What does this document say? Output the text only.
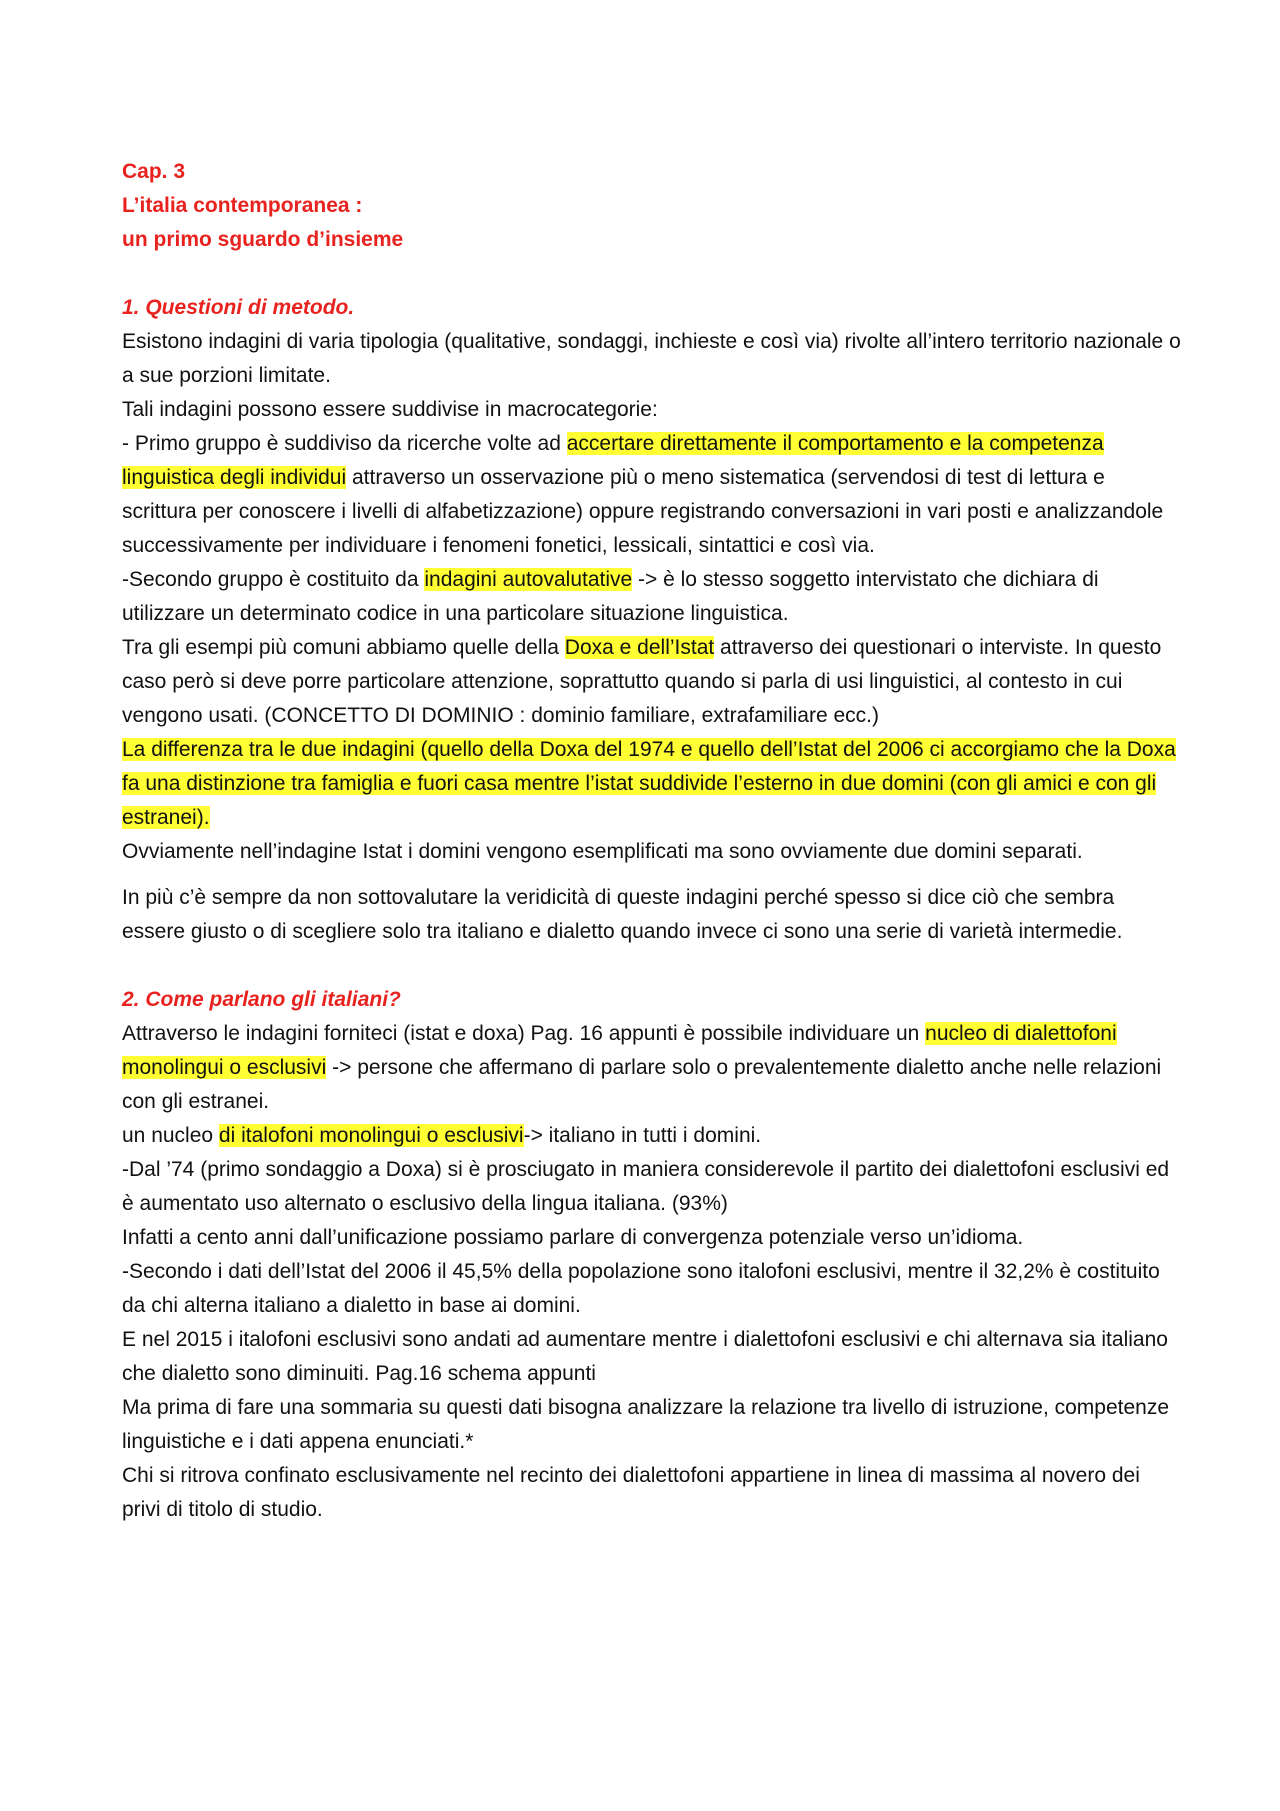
Cap. 3

L’italia contemporanea :

un primo sguardo d’insieme

1. Questioni di metodo.

Esistono indagini di varia tipologia (qualitative, sondaggi, inchieste e così via) rivolte all’intero territorio nazionale o a sue porzioni limitate.

Tali indagini possono essere suddivise in macrocategorie:

- Primo gruppo è suddiviso da ricerche volte ad accertare direttamente il comportamento e la competenza linguistica degli individui attraverso un osservazione più o meno sistematica (servendosi di test di lettura e scrittura per conoscere i livelli di alfabetizzazione) oppure registrando conversazioni in vari posti e analizzandole successivamente per individuare i fenomeni fonetici, lessicali, sintattici e così via.

-Secondo gruppo è costituito da indagini autovalutative -> è lo stesso soggetto intervistato che dichiara di utilizzare un determinato codice in una particolare situazione linguistica.

Tra gli esempi più comuni abbiamo quelle della Doxa e dell’Istat attraverso dei questionari o interviste. In questo caso però si deve porre particolare attenzione, soprattutto quando si parla di usi linguistici, al contesto in cui vengono usati. (CONCETTO DI DOMINIO : dominio familiare, extrafamiliare ecc.)

La differenza tra le due indagini (quello della Doxa del 1974 e quello dell’Istat del 2006 ci accorgiamo che la Doxa fa una distinzione tra famiglia e fuori casa mentre l’istat suddivide l’esterno in due domini (con gli amici e con gli estranei).

Ovviamente nell’indagine Istat i domini vengono esemplificati ma sono ovviamente due domini separati.

In più c’è sempre da non sottovalutare la veridicità di queste indagini perché spesso si dice ciò che sembra essere giusto o di scegliere solo tra italiano e dialetto quando invece ci sono una serie di varietà intermedie.

2. Come parlano gli italiani?

Attraverso le indagini forniteci (istat e doxa) Pag. 16 appunti è possibile individuare un nucleo di dialettofoni monolingui o esclusivi -> persone che affermano di parlare solo o prevalentemente dialetto anche nelle relazioni con gli estranei.

un nucleo di italofoni monolingui o esclusivi-> italiano in tutti i domini.

-Dal ’74 (primo sondaggio a Doxa) si è prosciugato in maniera considerevole il partito dei dialettofoni esclusivi ed è aumentato uso alternato o esclusivo della lingua italiana. (93%)

Infatti a cento anni dall’unificazione possiamo parlare di convergenza potenziale verso un’idioma.

-Secondo i dati dell’Istat del 2006 il 45,5% della popolazione sono italofoni esclusivi, mentre il 32,2% è costituito da chi alterna italiano a dialetto in base ai domini.

E nel 2015 i italofoni esclusivi sono andati ad aumentare mentre i dialettofoni esclusivi e chi alternava sia italiano che dialetto sono diminuiti. Pag.16 schema appunti

Ma prima di fare una sommaria su questi dati bisogna analizzare la relazione tra livello di istruzione, competenze linguistiche e i dati appena enunciati.*

Chi si ritrova confinato esclusivamente nel recinto dei dialettofoni appartiene in linea di massima al novero dei privi di titolo di studio.
